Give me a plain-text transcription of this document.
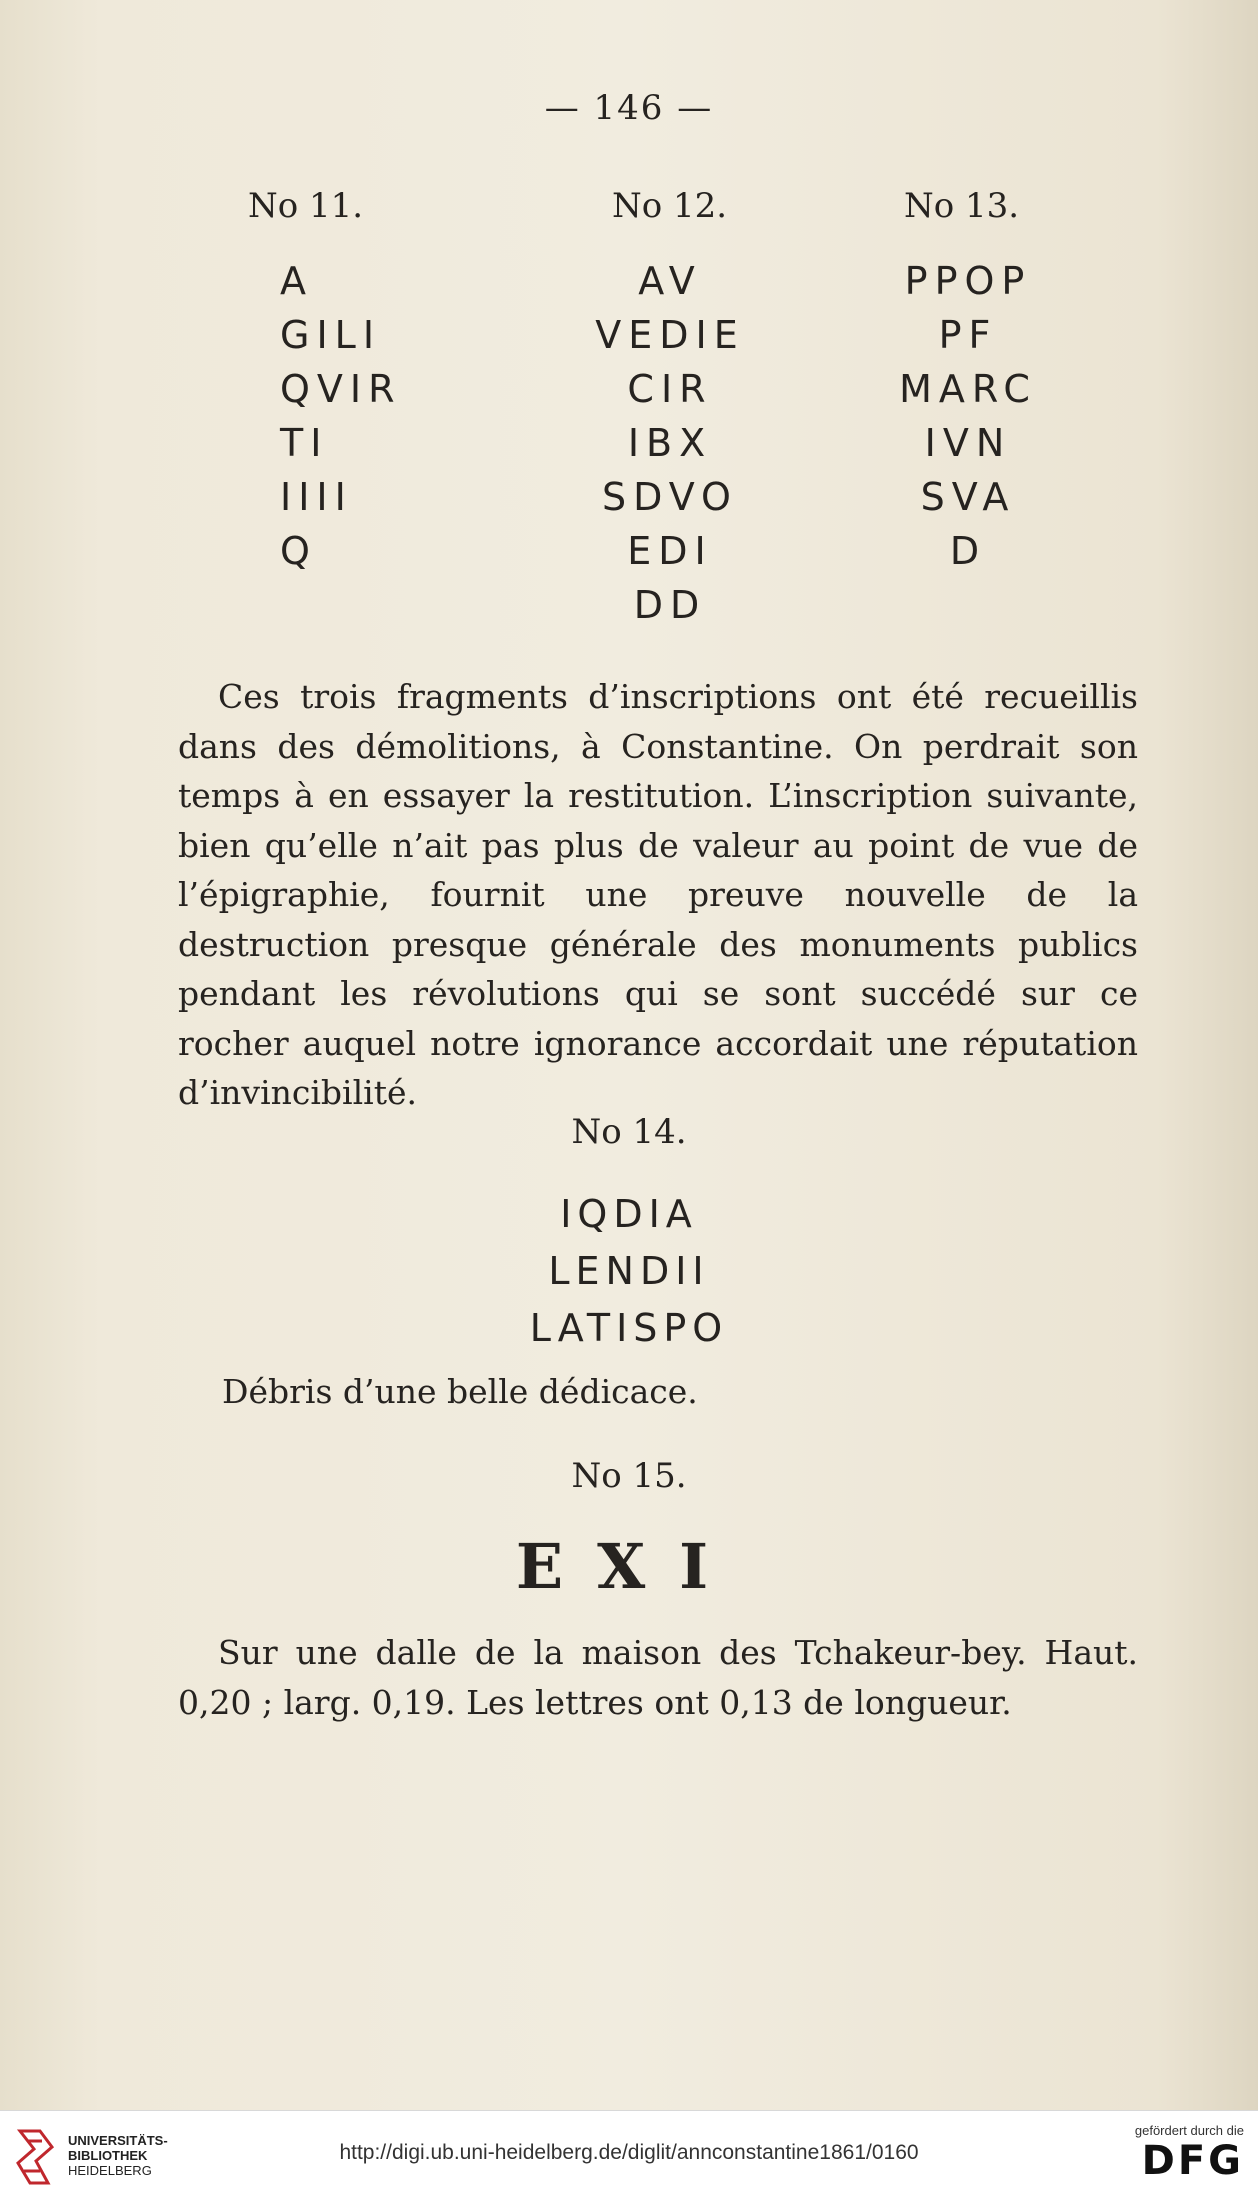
— 146 —
No 11.	No 12.	No 13.
A
GILI
QVIR
TI
IIII
Q
AV
VEDIE
CIR
IBX
SDVO
EDI
DD
PPOP
PF
MARC
IVN
SVA
D

Ces trois fragments d’inscriptions ont été recueillis dans des démolitions, à Constantine. On perdrait son temps à en essayer la restitution. L’inscription suivante, bien qu’elle n’ait pas plus de valeur au point de vue de l’épigraphie, fournit une preuve nouvelle de la destruction presque générale des monuments publics pendant les révolutions qui se sont succédé sur ce rocher auquel notre ignorance accordait une réputation d’invincibilité.

No 14.
IQDIA
LENDII
LATISPO
Débris d’une belle dédicace.
No 15.
EXI

Sur une dalle de la maison des Tchakeur-bey. Haut. 0,20 ; larg. 0,19. Les lettres ont 0,13 de longueur.

UNIVERSITÄTS-
BIBLIOTHEK
HEIDELBERG
http://digi.ub.uni-heidelberg.de/diglit/annconstantine1861/0160
gefördert durch die
DFG
